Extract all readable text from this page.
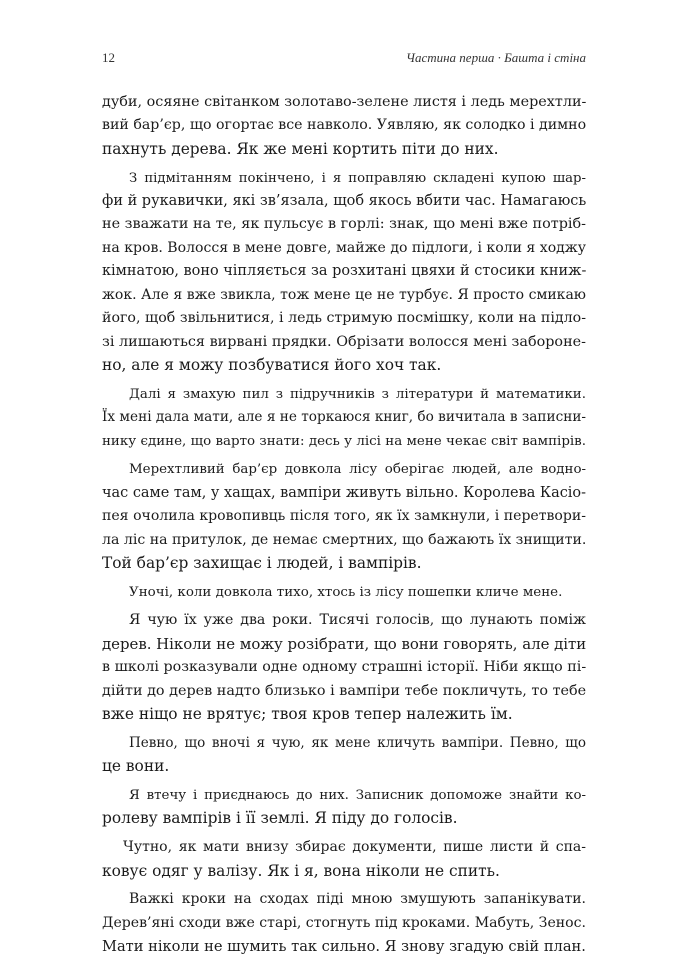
12	Частина перша · Башта і стіна

дуби, осяяне світанком золотаво-зелене листя і ледь мерехтли-
вий бар’єр, що огортає все навколо. Уявляю, як солодко і димно
пахнуть дерева. Як же мені кортить піти до них.

З підмітанням покінчено, і я поправляю складені купою шар-
фи й рукавички, які зв’язала, щоб якось вбити час. Намагаюсь
не зважати на те, як пульсує в горлі: знак, що мені вже потріб-
на кров. Волосся в мене довге, майже до підлоги, і коли я ходжу
кімнатою, воно чіпляється за розхитані цвяхи й стосики книж-
жок. Але я вже звикла, тож мене це не турбує. Я просто смикаю
його, щоб звільнитися, і ледь стримую посмішку, коли на підло-
зі лишаються вирвані прядки. Обрізати волосся мені заборонe-
но, але я можу позбуватися його хоч так.

Далі я змахую пил з підручників з літератури й математики.
Їх мені дала мати, але я не торкаюся книг, бо вичитала в записни-
нику єдине, що варто знати: десь у лісі на мене чекає світ вампірів.

Мерехтливий бар’єр довкола лісу оберігає людей, але водно-
час саме там, у хащах, вампіри живуть вільно. Королева Касіо-
пея очолила кровопивць після того, як їх замкнули, і перетвори-
ла ліс на притулок, де немає смертних, що бажають їх знищити.
Той бар’єр захищає і людей, і вампірів.

Уночі, коли довкола тихо, хтось із лісу пошепки кличе мене.

Я чую їх уже два роки. Тисячі голосів, що лунають поміж
дерев. Ніколи не можу розібрати, що вони говорять, але діти
в школі розказували одне одному страшні історії. Ніби якщо пі-
дійти до дерев надто близько і вампіри тебе покличуть, то тебе
вже ніщо не врятує; твоя кров тепер належить їм.

Певно, що вночі я чую, як мене кличуть вампіри. Певно, що
це вони.

Я втечу і приєднаюсь до них. Записник допоможе знайти ко-
ролеву вампірів і її землі. Я піду до голосів.

Чутно, як мати внизу збирає документи, пише листи й спа-
ковує одяг у валізу. Як і я, вона ніколи не спить.

Важкі кроки на сходах піді мною змушують запанікувати.
Дерев’яні сходи вже старі, стогнуть під кроками. Мабуть, Зенос.
Мати ніколи не шумить так сильно. Я знову згадую свій план.
